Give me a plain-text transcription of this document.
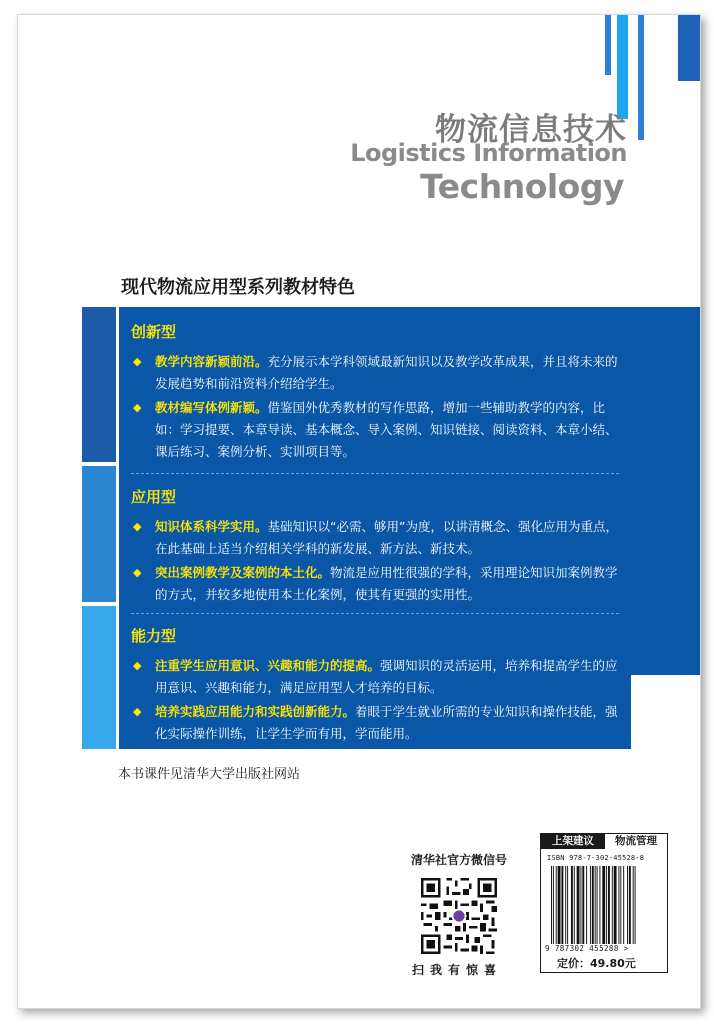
物流信息技术
Logistics Information
Technology
现代物流应用型系列教材特色
创新型
◆	教学内容新颖前沿。充分展示本学科领域最新知识以及教学改革成果，并且将未来的发展趋势和前沿资料介绍给学生。
◆	教材编写体例新颖。借鉴国外优秀教材的写作思路，增加一些辅助教学的内容，比如：学习提要、本章导读、基本概念、导入案例、知识链接、阅读资料、本章小结、课后练习、案例分析、实训项目等。
应用型
◆	知识体系科学实用。基础知识以“必需、够用”为度，以讲清概念、强化应用为重点，在此基础上适当介绍相关学科的新发展、新方法、新技术。
◆	突出案例教学及案例的本土化。物流是应用性很强的学科，采用理论知识加案例教学的方式，并较多地使用本土化案例，使其有更强的实用性。
能力型
◆	注重学生应用意识、兴趣和能力的提高。强调知识的灵活运用，培养和提高学生的应用意识、兴趣和能力，满足应用型人才培养的目标。
◆	培养实践应用能力和实践创新能力。着眼于学生就业所需的专业知识和操作技能，强化实际操作训练，让学生学而有用，学而能用。
本书课件见清华大学出版社网站
清华社官方微信号
扫我有惊喜
上架建议	物流管理
ISBN 978-7-302-45528-8
9 787302 455288 >
定价：49.80元
